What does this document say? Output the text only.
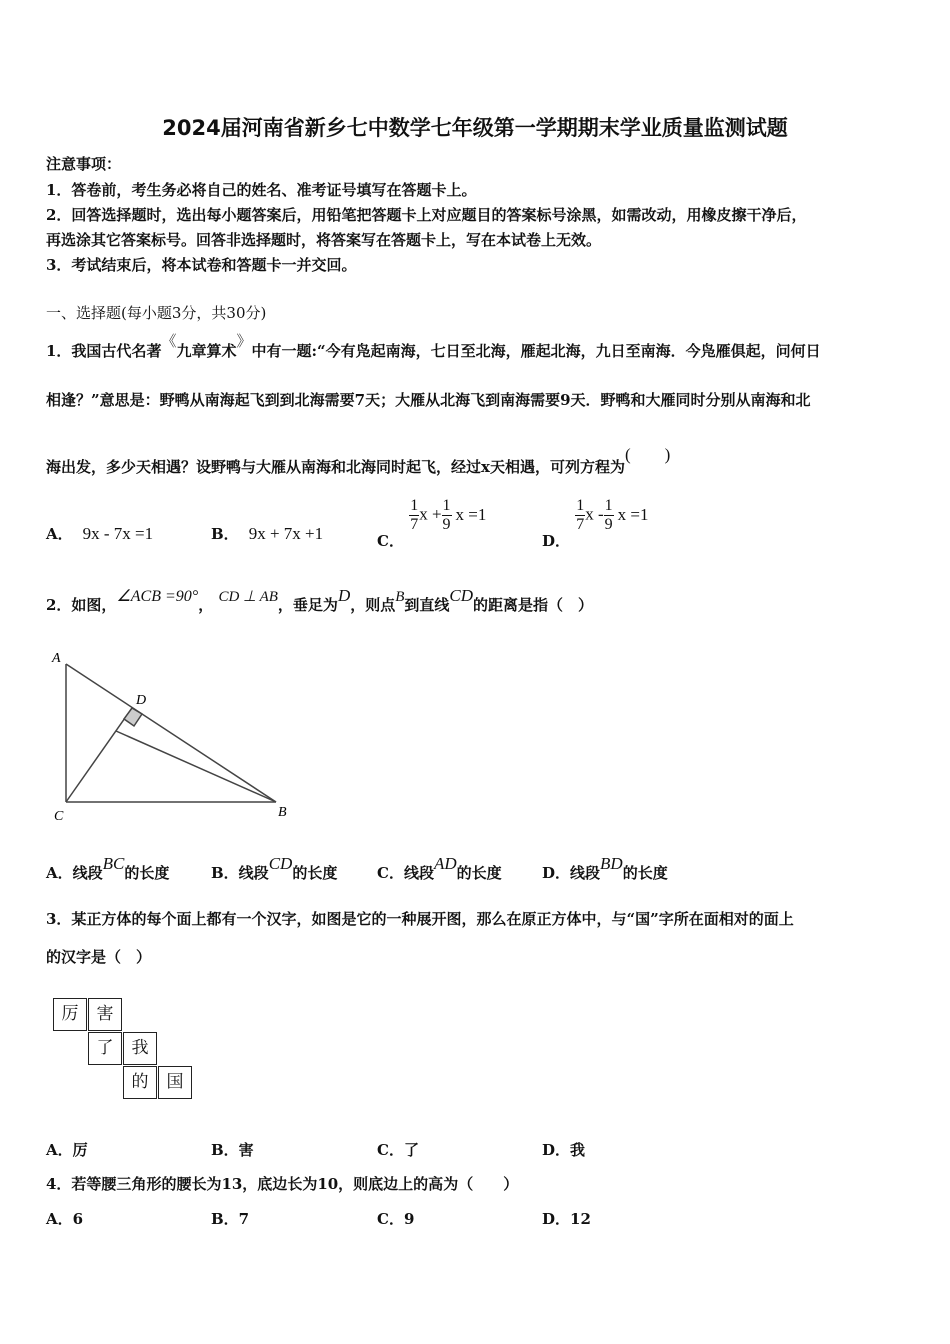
2024届河南省新乡七中数学七年级第一学期期末学业质量监测试题
注意事项：
1．答卷前，考生务必将自己的姓名、准考证号填写在答题卡上。
2．回答选择题时，选出每小题答案后，用铅笔把答题卡上对应题目的答案标号涂黑，如需改动，用橡皮擦干净后，
再选涂其它答案标号。回答非选择题时，将答案写在答题卡上，写在本试卷上无效。
3．考试结束后，将本试卷和答题卡一并交回。
一、选择题(每小题3分，共30分)
1．我国古代名著《九章算术》中有一题:“今有凫起南海，七日至北海，雁起北海，九日至南海．今凫雁俱起，问何日
相逢？”意思是：野鸭从南海起飞到到北海需要7天；大雁从北海飞到南海需要9天．野鸭和大雁同时分别从南海和北
海出发，多少天相遇？设野鸭与大雁从南海和北海同时起飞，经过x天相遇，可列方程为(　　)
A． 9x - 7x =1	B． 9x + 7x +1	C．
$\frac{1}{7}$ $x + \frac{1}{9}$ x =1
D．
$\frac{1}{7}$ x - $\frac{1}{9}$ x =1
2．如图，∠ACB =90°， CD ⊥ AB，垂足为D，则点B到直线CD的距离是指（　）
A
D
C	B
A．线段BC的长度	B．线段CD的长度	C．线段AD的长度	D．线段BD的长度
3．某正方体的每个面上都有一个汉字，如图是它的一种展开图，那么在原正方体中，与“国”字所在面相对的面上
的汉字是（　）
厉	害
了	我
的	国
A．厉	B．害	C．了	D．我
4．若等腰三角形的腰长为13，底边长为10，则底边上的高为（　　）
A．6	B．7	C．9	D．12
